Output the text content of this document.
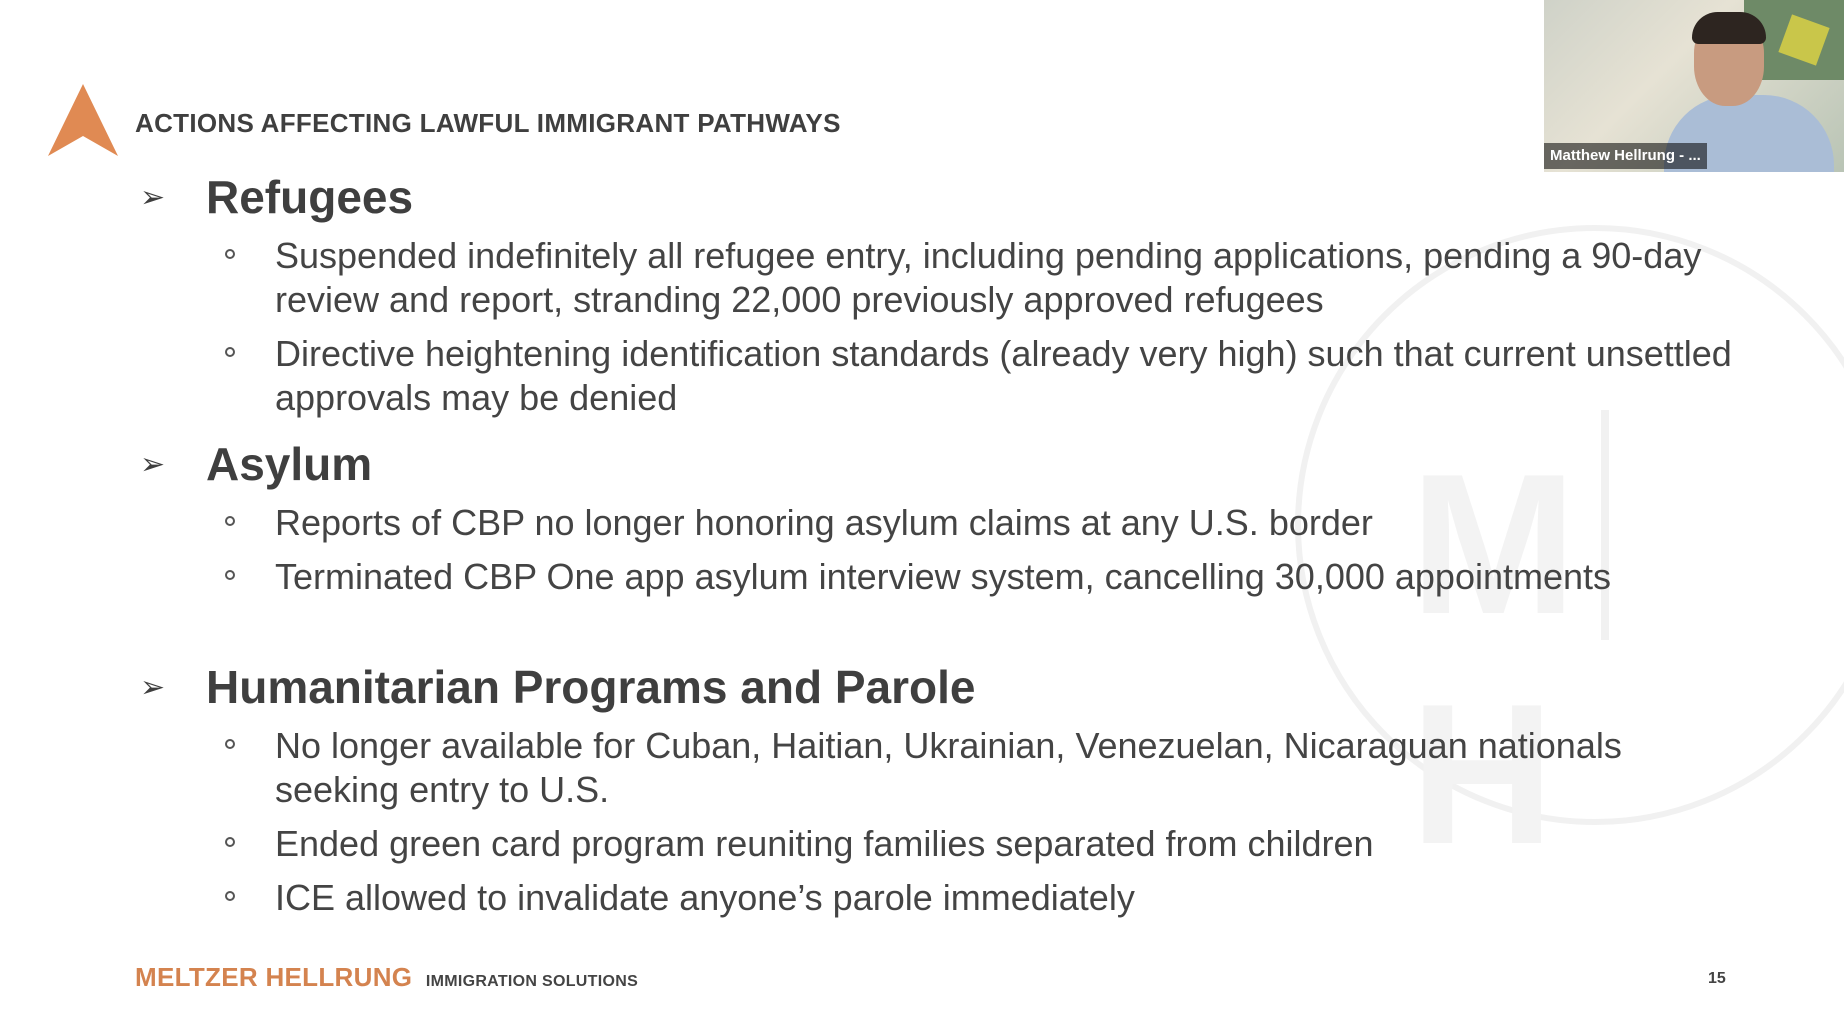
M H
ACTIONS AFFECTING LAWFUL IMMIGRANT PATHWAYS
➢ Refugees
Suspended indefinitely all refugee entry, including pending applications, pending a 90-day review and report, stranding 22,000 previously approved refugees
Directive heightening identification standards (already very high) such that current unsettled approvals may be denied
➢ Asylum
Reports of CBP no longer honoring asylum claims at any U.S. border
Terminated CBP One app asylum interview system, cancelling 30,000 appointments
➢ Humanitarian Programs and Parole
No longer available for Cuban, Haitian, Ukrainian, Venezuelan, Nicaraguan nationals seeking entry to U.S.
Ended green card program reuniting families separated from children
ICE allowed to invalidate anyone’s parole immediately
MELTZER HELLRUNG IMMIGRATION SOLUTIONS	15
Matthew Hellrung - ...
